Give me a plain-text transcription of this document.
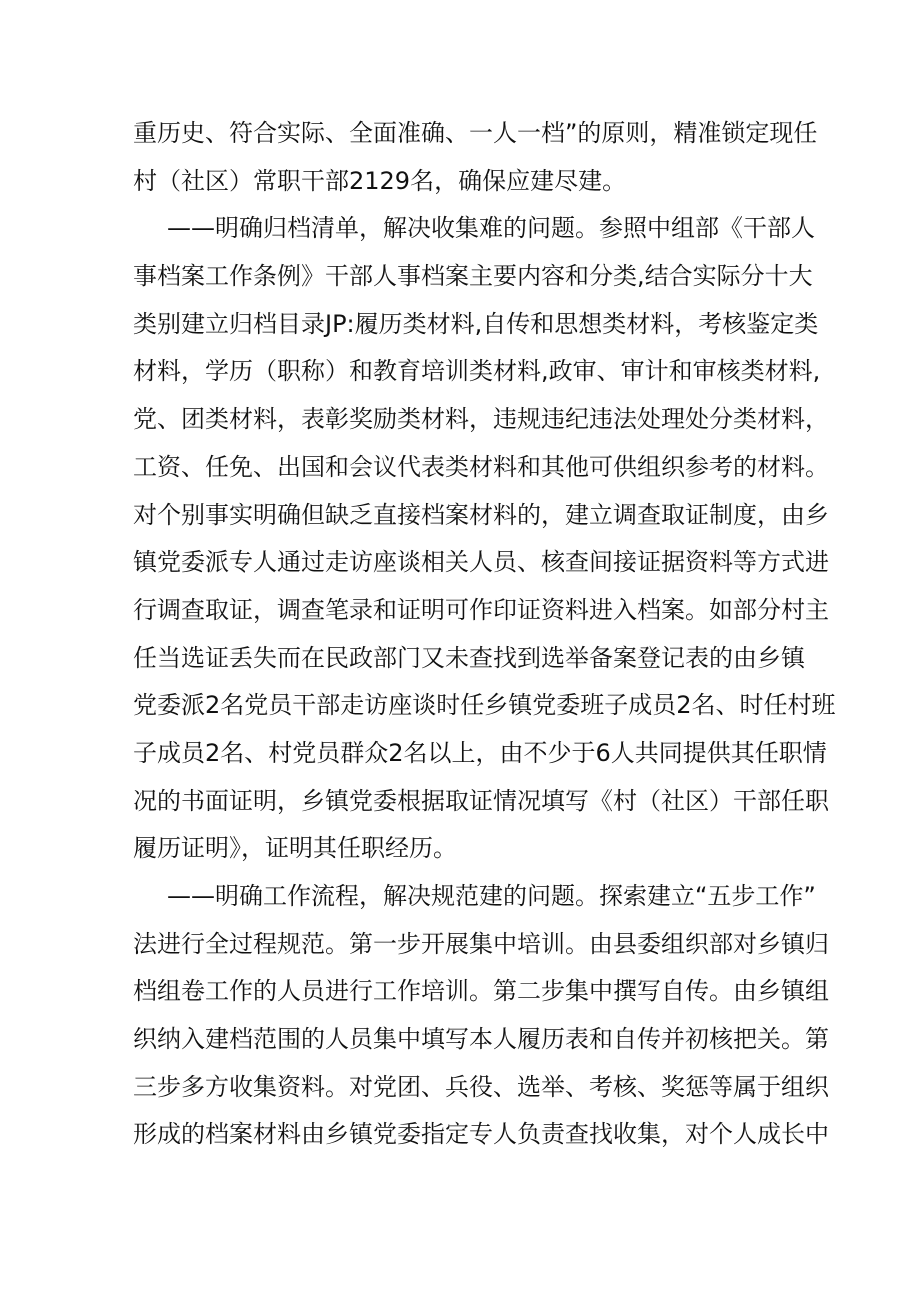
重历史、符合实际、全面准确、一人一档”的原则，精准锁定现任
村（社区）常职干部2129名，确保应建尽建。
——明确归档清单，解决收集难的问题。参照中组部《干部人
事档案工作条例》干部人事档案主要内容和分类,结合实际分十大
类别建立归档目录JP:履历类材料,自传和思想类材料，考核鉴定类
材料，学历（职称）和教育培训类材料,政审、审计和审核类材料,
党、团类材料，表彰奖励类材料，违规违纪违法处理处分类材料，
工资、任免、出国和会议代表类材料和其他可供组织参考的材料。
对个别事实明确但缺乏直接档案材料的，建立调查取证制度，由乡
镇党委派专人通过走访座谈相关人员、核查间接证据资料等方式进
行调查取证，调查笔录和证明可作印证资料进入档案。如部分村主
任当选证丢失而在民政部门又未查找到选举备案登记表的由乡镇
党委派2名党员干部走访座谈时任乡镇党委班子成员2名、时任村班
子成员2名、村党员群众2名以上，由不少于6人共同提供其任职情
况的书面证明，乡镇党委根据取证情况填写《村（社区）干部任职
履历证明》，证明其任职经历。
——明确工作流程，解决规范建的问题。探索建立“五步工作”
法进行全过程规范。第一步开展集中培训。由县委组织部对乡镇归
档组卷工作的人员进行工作培训。第二步集中撰写自传。由乡镇组
织纳入建档范围的人员集中填写本人履历表和自传并初核把关。第
三步多方收集资料。对党团、兵役、选举、考核、奖惩等属于组织
形成的档案材料由乡镇党委指定专人负责查找收集，对个人成长中
